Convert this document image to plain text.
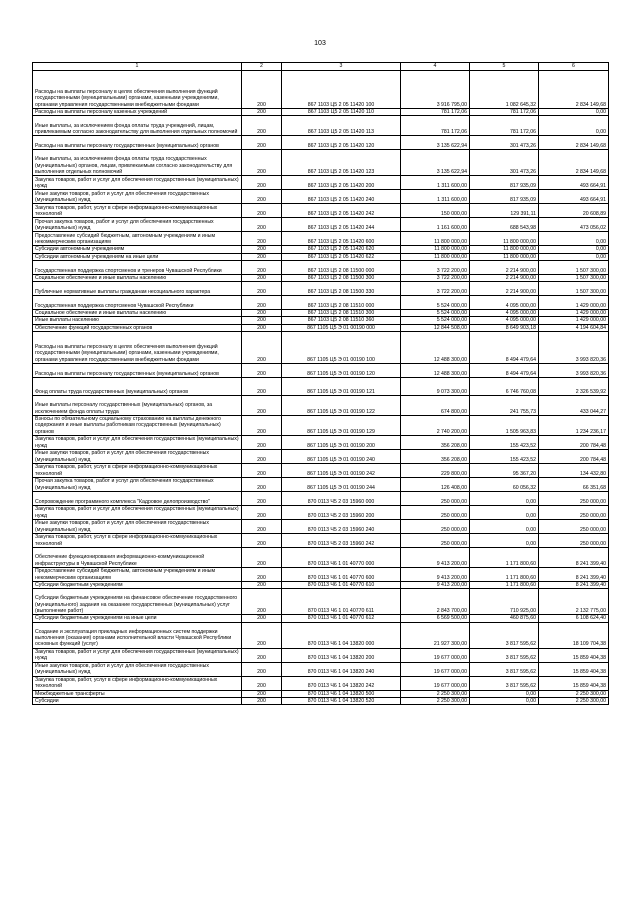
103
1	2	3	4	5	6
Расходы на выплаты персоналу в целях обеспечения выполнения функций государственными (муниципальными) органами, казенными учреждениями, органами управления государственными внебюджетными фондами	200	867 1103 Ц5 2 05 11420 100	3 916 795,00	1 082 645,32	2 834 149,68
Расходы на выплаты персоналу казенных учреждений	200	867 1103 Ц5 2 05 11420 110	781 172,06	781 172,06	0,00
Иные выплаты, за исключением фонда оплаты труда учреждений, лицам, привлекаемым согласно законодательству для выполнения отдельных полномочий	200	867 1103 Ц5 2 05 11420 113	781 172,06	781 172,06	0,00
Расходы на выплаты персоналу государственных (муниципальных) органов	200	867 1103 Ц5 2 05 11420 120	3 135 622,94	301 473,26	2 834 149,68
Иные выплаты, за исключением фонда оплаты труда государственных (муниципальных) органов, лицам, привлекаемым согласно законодательству для выполнения отдельных полномочий	200	867 1103 Ц5 2 05 11420 123	3 135 622,94	301 473,26	2 834 149,68
Закупка товаров, работ и услуг для обеспечения государственных (муниципальных) нужд	200	867 1103 Ц5 2 05 11420 200	1 311 600,00	817 935,09	493 664,91
Иные закупки товаров, работ и услуг для обеспечения государственных (муниципальных) нужд	200	867 1103 Ц5 2 05 11420 240	1 311 600,00	817 935,09	493 664,91
Закупка товаров, работ, услуг в сфере информационно-коммуникационных технологий	200	867 1103 Ц5 2 05 11420 242	150 000,00	129 391,11	20 608,89
Прочая закупка товаров, работ и услуг для обеспечения государственных (муниципальных) нужд	200	867 1103 Ц5 2 05 11420 244	1 161 600,00	688 543,98	473 056,02
Предоставление субсидий бюджетным, автономным учреждениям и иным некоммерческим организациям	200	867 1103 Ц5 2 05 11420 600	11 800 000,00	11 800 000,00	0,00
Субсидии автономным учреждениям	200	867 1103 Ц5 2 05 11420 620	11 800 000,00	11 800 000,00	0,00
Субсидии автономным учреждениям на иные цели	200	867 1103 Ц5 2 05 11420 622	11 800 000,00	11 800 000,00	0,00
Государственная поддержка спортсменов и тренеров Чувашской Республики	200	867 1103 Ц5 2 08 11500 000	3 722 200,00	2 214 900,00	1 507 300,00
Социальное обеспечение и иные выплаты населению	200	867 1103 Ц5 2 08 11500 300	3 722 200,00	2 214 900,00	1 507 300,00
Публичные нормативные выплаты гражданам несоциального характера	200	867 1103 Ц5 2 08 11500 330	3 722 200,00	2 214 900,00	1 507 300,00
Государственная поддержка спортсменов Чувашской Республики	200	867 1103 Ц5 2 08 11510 000	5 524 000,00	4 095 000,00	1 429 000,00
Социальное обеспечение и иные выплаты населению	200	867 1103 Ц5 2 08 11510 300	5 524 000,00	4 095 000,00	1 429 000,00
Иные выплаты населению	200	867 1103 Ц5 2 08 11510 360	5 524 000,00	4 095 000,00	1 429 000,00
Обеспечение функций государственных органов	200	867 1105 Ц5 Э 01 00190 000	12 844 508,00	8 649 903,18	4 194 604,84
Расходы на выплаты персоналу в целях обеспечения выполнения функций государственными (муниципальными) органами, казенными учреждениями, органами управления государственными внебюджетными фондами	200	867 1105 Ц5 Э 01 00190 100	12 488 300,00	8 494 479,64	3 993 820,36
Расходы на выплаты персоналу государственных (муниципальных) органов	200	867 1105 Ц5 Э 01 00190 120	12 488 300,00	8 494 479,64	3 993 820,36
Фонд оплаты труда государственных (муниципальных) органов	200	867 1105 Ц5 Э 01 00190 121	9 073 300,00	6 746 760,08	2 326 539,92
Иные выплаты персоналу государственных (муниципальных) органов, за исключением фонда оплаты труда	200	867 1105 Ц5 Э 01 00190 122	674 800,00	241 755,73	433 044,27
Взносы по обязательному социальному страхованию на выплаты денежного содержания и иные выплаты работникам государственных (муниципальных) органов	200	867 1105 Ц5 Э 01 00190 129	2 740 200,00	1 505 963,83	1 234 236,17
Закупка товаров, работ и услуг для обеспечения государственных (муниципальных) нужд	200	867 1105 Ц5 Э 01 00190 200	356 208,00	155 423,52	200 784,48
Иные закупки товаров, работ и услуг для обеспечения государственных (муниципальных) нужд	200	867 1105 Ц5 Э 01 00190 240	356 208,00	155 423,52	200 784,48
Закупка товаров, работ, услуг в сфере информационно-коммуникационных технологий	200	867 1105 Ц5 Э 01 00190 242	229 800,00	95 367,20	134 432,80
Прочая закупка товаров, работ и услуг для обеспечения государственных (муниципальных) нужд	200	867 1105 Ц5 Э 01 00190 244	126 408,00	60 056,32	66 351,68
Сопровождение программного комплекса "Кадровое делопроизводство"	200	870 0113 Ч5 2 03 15960 000	250 000,00	0,00	250 000,00
Закупка товаров, работ и услуг для обеспечения государственных (муниципальных) нужд	200	870 0113 Ч5 2 03 15960 200	250 000,00	0,00	250 000,00
Иные закупки товаров, работ и услуг для обеспечения государственных (муниципальных) нужд	200	870 0113 Ч5 2 03 15960 240	250 000,00	0,00	250 000,00
Закупка товаров, работ, услуг в сфере информационно-коммуникационных технологий	200	870 0113 Ч5 2 03 15960 242	250 000,00	0,00	250 000,00
Обеспечение функционирования информационно-коммуникационной инфраструктуры в Чувашской Республике	200	870 0113 Ч6 1 01 40770 000	9 413 200,00	1 171 800,60	8 241 399,40
Предоставление субсидий бюджетным, автономным учреждениям и иным некоммерческим организациям	200	870 0113 Ч6 1 01 40770 600	9 413 200,00	1 171 800,60	8 241 399,40
Субсидии бюджетным учреждениям	200	870 0113 Ч6 1 01 40770 610	9 413 200,00	1 171 800,60	8 241 399,40
Субсидии бюджетным учреждениям на финансовое обеспечение государственного (муниципального) задания на оказание государственных (муниципальных) услуг (выполнение работ)	200	870 0113 Ч6 1 01 40770 611	2 843 700,00	710 925,00	2 132 775,00
Субсидии бюджетным учреждениям на иные цели	200	870 0113 Ч6 1 01 40770 612	6 569 500,00	460 875,60	6 108 624,40
Создание и эксплуатация прикладных информационных систем поддержки выполнения (оказания) органами исполнительной власти Чувашской Республики основных функций (услуг)	200	870 0113 Ч6 1 04 13820 000	21 927 300,00	3 817 595,62	18 109 704,38
Закупка товаров, работ и услуг для обеспечения государственных (муниципальных) нужд	200	870 0113 Ч6 1 04 13820 200	19 677 000,00	3 817 595,62	15 859 404,38
Иные закупки товаров, работ и услуг для обеспечения государственных (муниципальных) нужд	200	870 0113 Ч6 1 04 13820 240	19 677 000,00	3 817 595,62	15 859 404,38
Закупка товаров, работ, услуг в сфере информационно-коммуникационных технологий	200	870 0113 Ч6 1 04 13820 242	19 677 000,00	3 817 595,62	15 859 404,38
Межбюджетные трансферты	200	870 0113 Ч6 1 04 13820 500	2 250 300,00	0,00	2 250 300,00
Субсидии	200	870 0113 Ч6 1 04 13820 520	2 250 300,00	0,00	2 250 300,00
